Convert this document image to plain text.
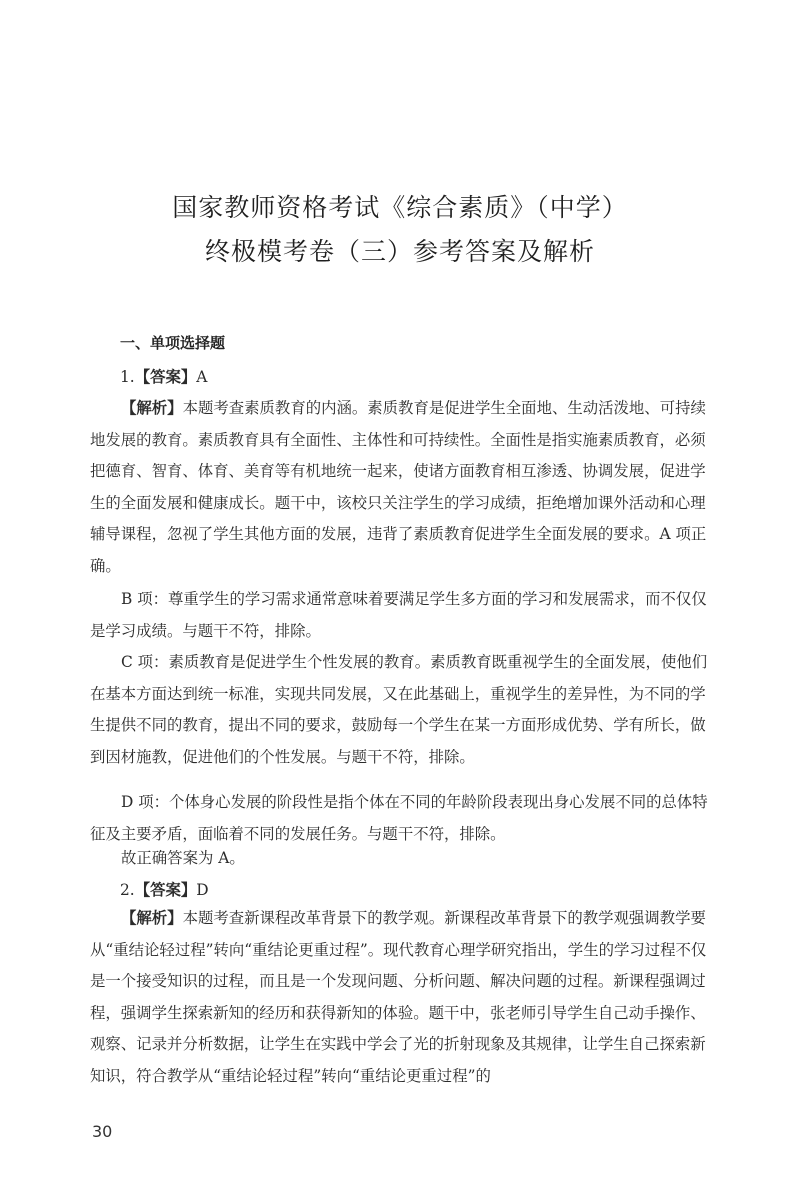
国家教师资格考试《综合素质》（中学）
终极模考卷（三）参考答案及解析
一、单项选择题
1.【答案】A

【解析】本题考查素质教育的内涵。素质教育是促进学生全面地、生动活泼地、可持续地发展的教育。素质教育具有全面性、主体性和可持续性。全面性是指实施素质教育，必须把德育、智育、体育、美育等有机地统一起来，使诸方面教育相互渗透、协调发展，促进学生的全面发展和健康成长。题干中，该校只关注学生的学习成绩，拒绝增加课外活动和心理辅导课程，忽视了学生其他方面的发展，违背了素质教育促进学生全面发展的要求。A 项正确。

B 项：尊重学生的学习需求通常意味着要满足学生多方面的学习和发展需求，而不仅仅是学习成绩。与题干不符，排除。

C 项：素质教育是促进学生个性发展的教育。素质教育既重视学生的全面发展，使他们在基本方面达到统一标准，实现共同发展，又在此基础上，重视学生的差异性，为不同的学生提供不同的教育，提出不同的要求，鼓励每一个学生在某一方面形成优势、学有所长，做到因材施教，促进他们的个性发展。与题干不符，排除。

D 项：个体身心发展的阶段性是指个体在不同的年龄阶段表现出身心发展不同的总体特征及主要矛盾，面临着不同的发展任务。与题干不符，排除。

故正确答案为 A。

2.【答案】D

【解析】本题考查新课程改革背景下的教学观。新课程改革背景下的教学观强调教学要从“重结论轻过程”转向“重结论更重过程”。现代教育心理学研究指出，学生的学习过程不仅是一个接受知识的过程，而且是一个发现问题、分析问题、解决问题的过程。新课程强调过程，强调学生探索新知的经历和获得新知的体验。题干中，张老师引导学生自己动手操作、观察、记录并分析数据，让学生在实践中学会了光的折射现象及其规律，让学生自己探索新知识，符合教学从“重结论轻过程”转向“重结论更重过程”的

30
